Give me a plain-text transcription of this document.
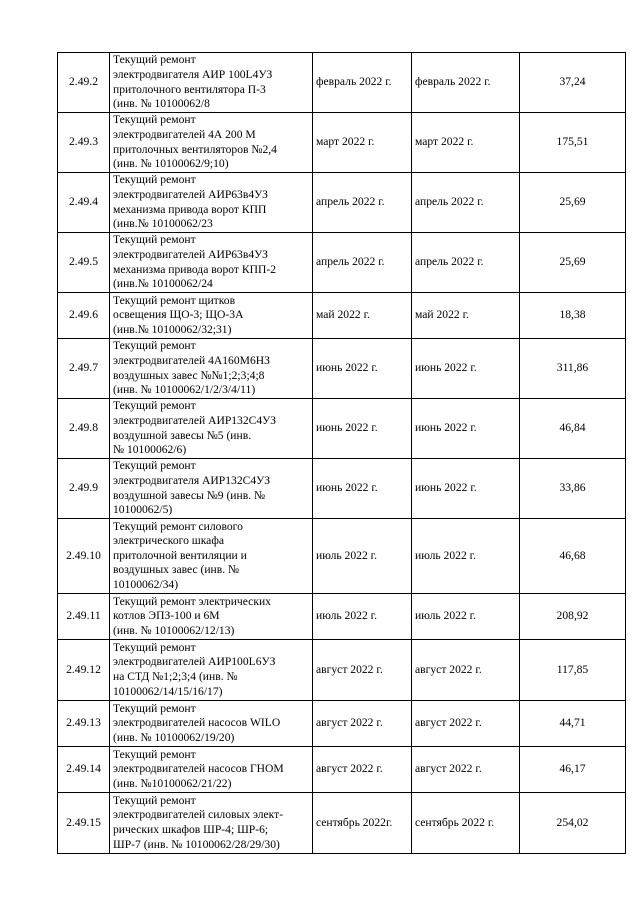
2.49.2	Текущий ремонт
электродвигателя АИР 100L4УЗ
притолочного вентилятора П-3
(инв. № 10100062/8	февраль 2022 г.	февраль 2022 г.	37,24
2.49.3	Текущий ремонт
электродвигателей 4А 200 М
притолочных вентиляторов №2,4
(инв. № 10100062/9;10)	март 2022 г.	март 2022 г.	175,51
2.49.4	Текущий ремонт
электродвигателей АИР63в4УЗ
механизма привода ворот КПП
(инв.№ 10100062/23	апрель 2022 г.	апрель 2022 г.	25,69
2.49.5	Текущий ремонт
электродвигателей АИР63в4УЗ
механизма привода ворот КПП-2
(инв.№ 10100062/24	апрель 2022 г.	апрель 2022 г.	25,69
2.49.6	Текущий ремонт щитков
освещения ЩО-3; ЩО-3А
(инв.№ 10100062/32;31)	май 2022 г.	май 2022 г.	18,38
2.49.7	Текущий ремонт
электродвигателей 4А160М6НЗ
воздушных завес №№1;2;3;4;8
(инв. № 10100062/1/2/3/4/11)	июнь 2022 г.	июнь 2022 г.	311,86
2.49.8	Текущий ремонт
электродвигателей АИР132С4УЗ
воздушной завесы №5 (инв.
№ 10100062/6)	июнь 2022 г.	июнь 2022 г.	46,84
2.49.9	Текущий ремонт
электродвигателя АИР132С4УЗ
воздушной завесы №9 (инв. №
10100062/5)	июнь 2022 г.	июнь 2022 г.	33,86
2.49.10	Текущий ремонт силового
электрического шкафа
притолочной вентиляции и
воздушных завес (инв. №
10100062/34)	июль 2022 г.	июль 2022 г.	46,68
2.49.11	Текущий ремонт электрических
котлов ЭПЗ-100 и 6М
(инв. № 10100062/12/13)	июль 2022 г.	июль 2022 г.	208,92
2.49.12	Текущий ремонт
электродвигателей АИР100L6УЗ
на СТД №1;2;3;4 (инв. №
10100062/14/15/16/17)	август 2022 г.	август 2022 г.	117,85
2.49.13	Текущий ремонт
электродвигателей насосов WILO
(инв. № 10100062/19/20)	август 2022 г.	август 2022 г.	44,71
2.49.14	Текущий ремонт
электродвигателей насосов ГНОМ
(инв. №10100062/21/22)	август 2022 г.	август 2022 г.	46,17
2.49.15	Текущий ремонт
электродвигателей силовых элект-
рических шкафов ШР-4; ШР-6;
ШР-7 (инв. № 10100062/28/29/30)	сентябрь 2022г.	сентябрь 2022 г.	254,02
